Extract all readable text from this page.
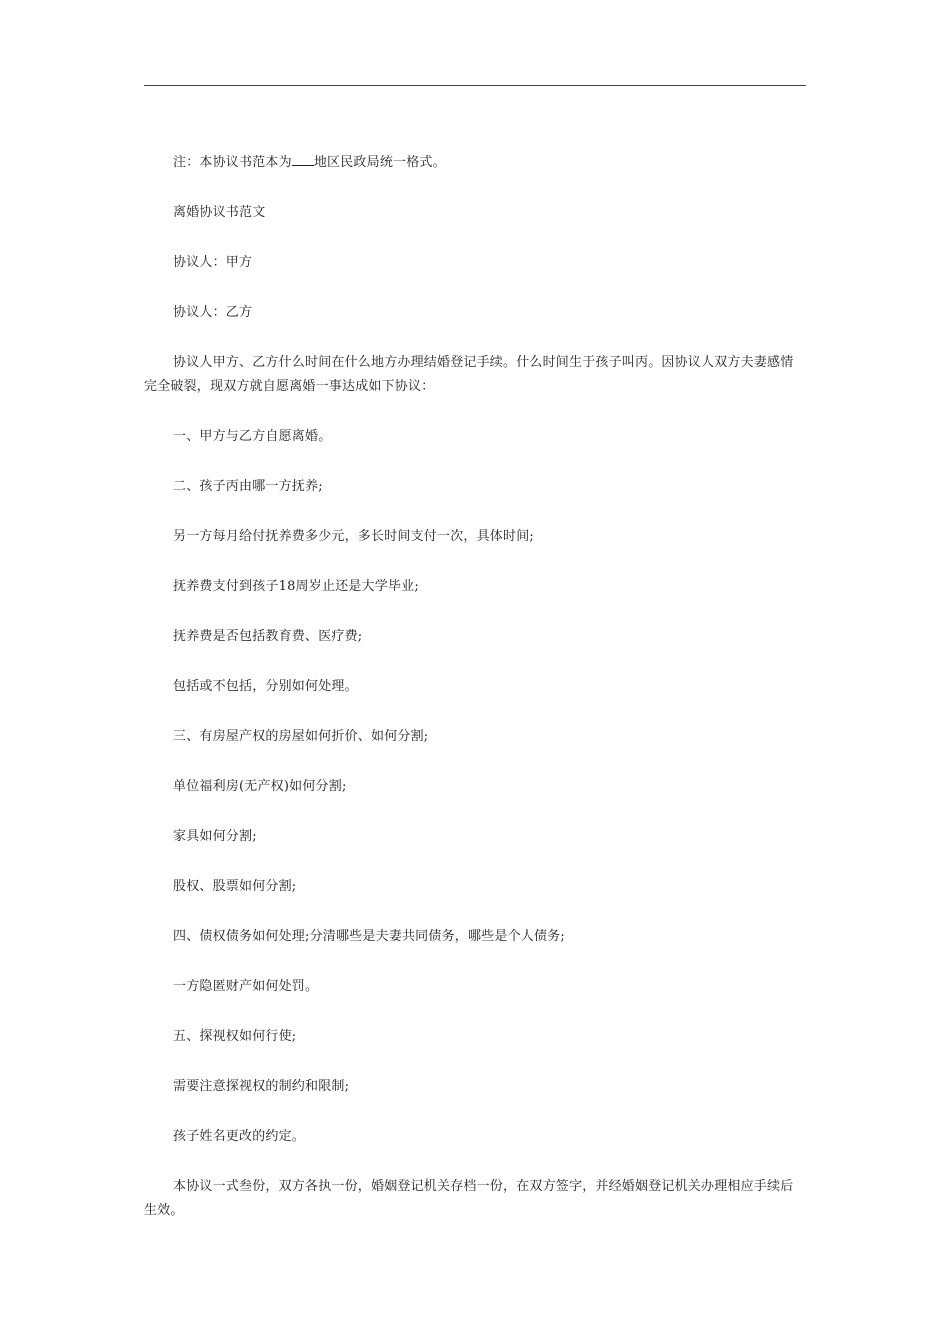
注：本协议书范本为 地区民政局统一格式。

离婚协议书范文

协议人：甲方

协议人：乙方

协议人甲方、乙方什么时间在什么地方办理结婚登记手续。什么时间生于孩子叫丙。因协议人双方夫妻感情完全破裂，现双方就自愿离婚一事达成如下协议：

一、甲方与乙方自愿离婚。

二、孩子丙由哪一方抚养;

另一方每月给付抚养费多少元，多长时间支付一次，具体时间;

抚养费支付到孩子18周岁止还是大学毕业;

抚养费是否包括教育费、医疗费;

包括或不包括，分别如何处理。

三、有房屋产权的房屋如何折价、如何分割;

单位福利房(无产权)如何分割;

家具如何分割;

股权、股票如何分割;

四、债权债务如何处理;分清哪些是夫妻共同债务，哪些是个人债务;

一方隐匿财产如何处罚。

五、探视权如何行使;

需要注意探视权的制约和限制;

孩子姓名更改的约定。

本协议一式叁份，双方各执一份，婚姻登记机关存档一份，在双方签字，并经婚姻登记机关办理相应手续后生效。
